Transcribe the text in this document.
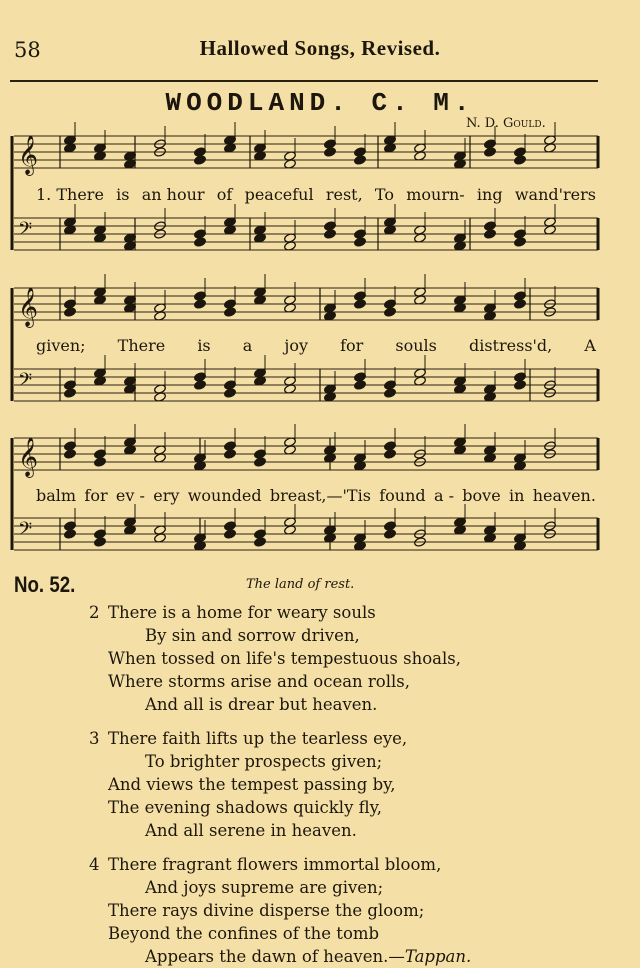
58	Hallowed Songs, Revised.
WOODLAND. C. M.
N. D. Gould.
𝄞
𝄢
𝄞
𝄢
𝄞
𝄢
1. There is an hour of peaceful rest, To mourn- ing wand'rers
given; There is a joy for souls distress'd, A
balm for ev - ery wounded breast,—'Tis found a - bove in heaven.
No. 52.	The land of rest.
2 There is a home for weary souls
By sin and sorrow driven,
When tossed on life's tempestuous shoals,
Where storms arise and ocean rolls,
And all is drear but heaven.
3 There faith lifts up the tearless eye,
To brighter prospects given;
And views the tempest passing by,
The evening shadows quickly fly,
And all serene in heaven.
4 There fragrant flowers immortal bloom,
And joys supreme are given;
There rays divine disperse the gloom;
Beyond the confines of the tomb
Appears the dawn of heaven.—Tappan.
